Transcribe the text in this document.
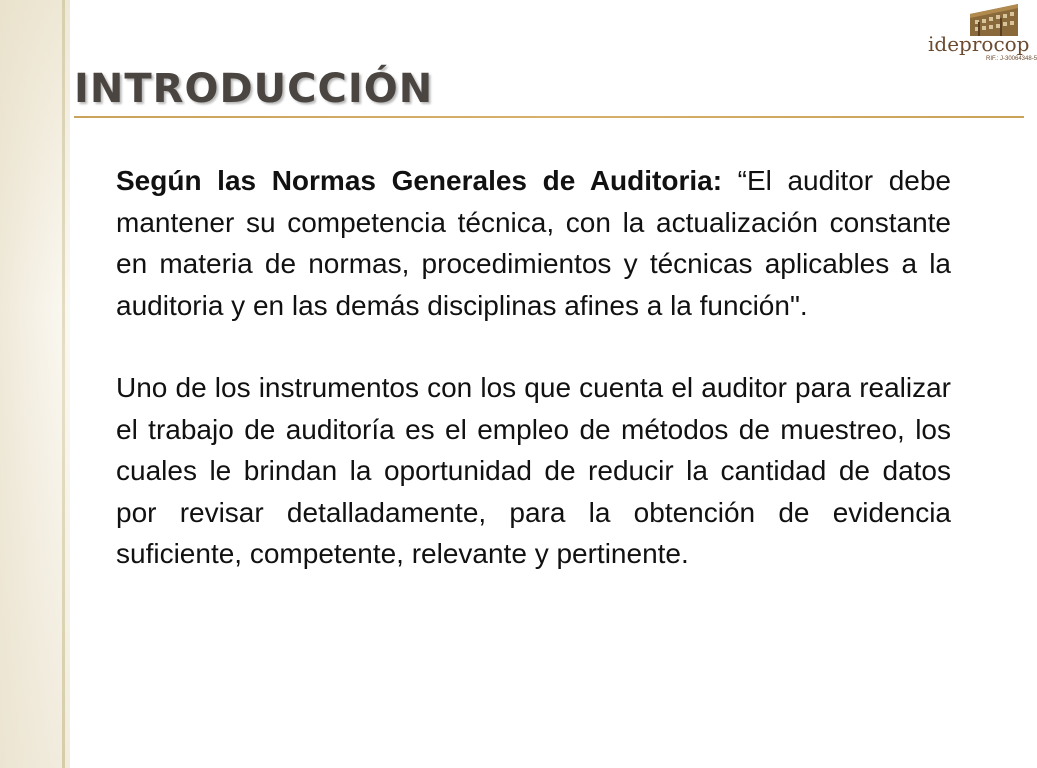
ideprocop
RIF.: J-30064348-5
INTRODUCCIÓN

Según las Normas Generales de Auditoria: “El auditor debe mantener su competencia técnica, con la actualización constante en materia de normas, procedimientos y técnicas aplicables a la auditoria y en las demás disciplinas afines a la función".

Uno de los instrumentos con los que cuenta el auditor para realizar el trabajo de auditoría es el empleo de métodos de muestreo, los cuales le brindan la oportunidad de reducir la cantidad de datos por revisar detalladamente, para la obtención de evidencia suficiente, competente, relevante y pertinente.
